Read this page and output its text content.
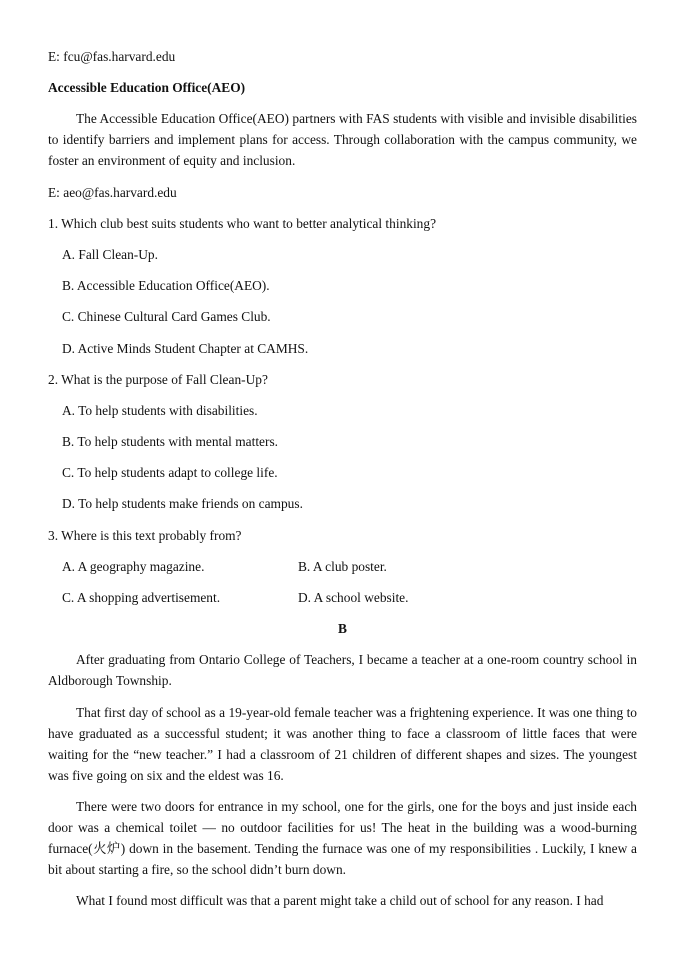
E: fcu@fas.harvard.edu

Accessible Education Office(AEO)

The Accessible Education Office(AEO) partners with FAS students with visible and invisible disabilities to identify barriers and implement plans for access. Through collaboration with the campus community, we foster an environment of equity and inclusion.

E: aeo@fas.harvard.edu

1. Which club best suits students who want to better analytical thinking?

A. Fall Clean-Up.

B. Accessible Education Office(AEO).

C. Chinese Cultural Card Games Club.

D. Active Minds Student Chapter at CAMHS.

2. What is the purpose of Fall Clean-Up?

A. To help students with disabilities.

B. To help students with mental matters.

C. To help students adapt to college life.

D. To help students make friends on campus.

3. Where is this text probably from?

A. A geography magazine.	B. A club poster.
C. A shopping advertisement.	D. A school website.

B

After graduating from Ontario College of Teachers, I became a teacher at a one-room country school in Aldborough Township.

That first day of school as a 19-year-old female teacher was a frightening experience. It was one thing to have graduated as a successful student; it was another thing to face a classroom of little faces that were waiting for the “new teacher.” I had a classroom of 21 children of different shapes and sizes. The youngest was five going on six and the eldest was 16.

There were two doors for entrance in my school, one for the girls, one for the boys and just inside each door was a chemical toilet — no outdoor facilities for us! The heat in the building was a wood-burning furnace(火炉) down in the basement. Tending the furnace was one of my responsibilities . Luckily, I knew a bit about starting a fire, so the school didn’t burn down.

What I found most difficult was that a parent might take a child out of school for any reason. I had
